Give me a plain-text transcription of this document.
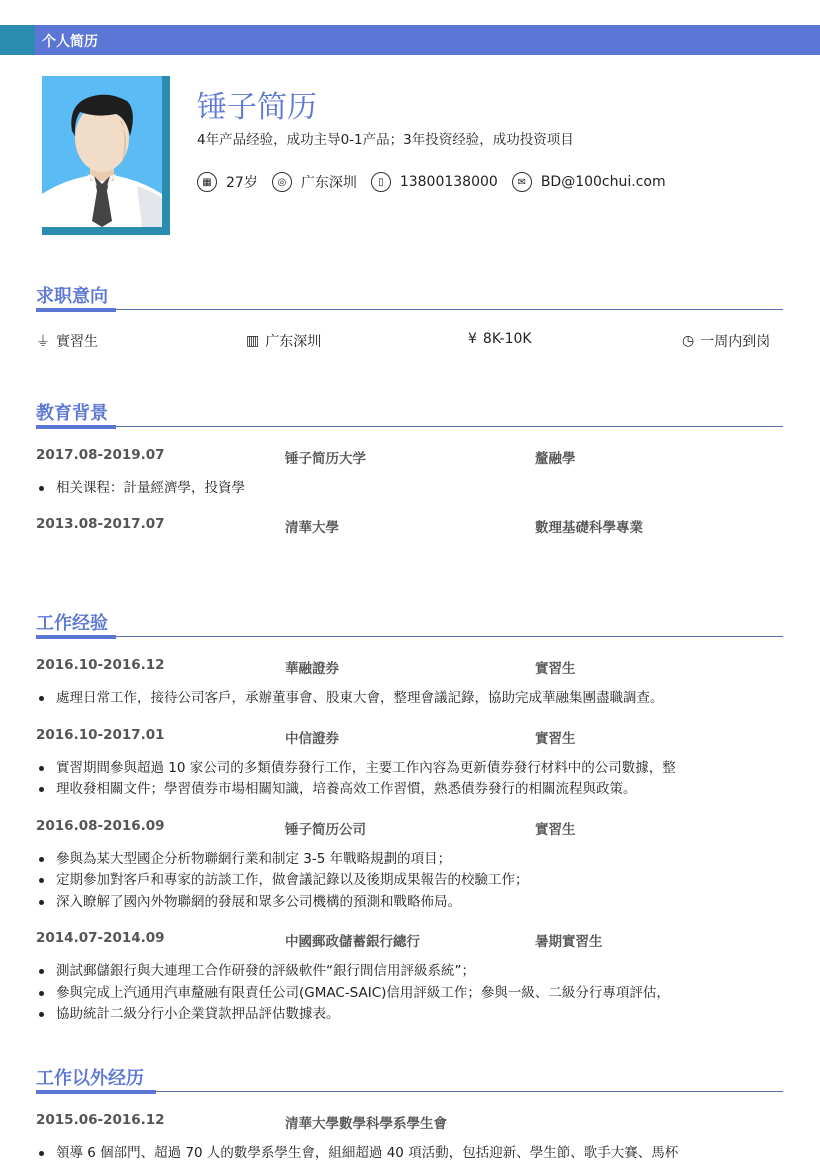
个人简历
锤子简历
4年产品经验，成功主导0-1产品；3年投资经验，成功投资项目
▦	27岁	◎	广东深圳	▯	13800138000	✉	BD@100chui.com
求职意向
⏚ 實習生	▥ 广东深圳	¥ 8K-10K	◷ 一周内到岗
教育背景
2017.08-2019.07	锤子简历大学	釐融學
相关课程：計量經濟學，投資學
2013.08-2017.07	清華大學	數理基礎科學專業
工作经验
2016.10-2016.12	華融證券	實習生
處理日常工作，接待公司客戶，承辦董事會、股東大會，整理會議記錄，協助完成華融集團盡職調查。
2016.10-2017.01	中信證券	實習生
實習期間參與超過 10 家公司的多類債券發行工作，主要工作內容為更新債券發行材料中的公司數據，整
理收發相關文件；學習債券市場相關知識，培養高效工作習慣，熟悉債券發行的相關流程與政策。
2016.08-2016.09	锤子简历公司	實習生
參與為某大型國企分析物聯網行業和制定 3-5 年戰略規劃的項目；
定期參加對客戶和專家的訪談工作，做會議記錄以及後期成果報告的校驗工作；
深入瞭解了國內外物聯網的發展和眾多公司機構的預測和戰略佈局。
2014.07-2014.09	中國郵政儲蓄銀行總行	暑期實習生
測試郵儲銀行與大連理工合作研發的評級軟件“銀行間信用評級系統”；
參與完成上汽通用汽車釐融有限責任公司(GMAC-SAIC)信用評級工作；參與一級、二級分行專項評估，
協助統計二級分行小企業貸款押品評估數據表。
工作以外经历
2015.06-2016.12	清華大學數學科學系學生會
領導 6 個部門、超過 70 人的數學系學生會，組細超過 40 項活動，包括迎新、學生節、歌手大賽、馬杯
